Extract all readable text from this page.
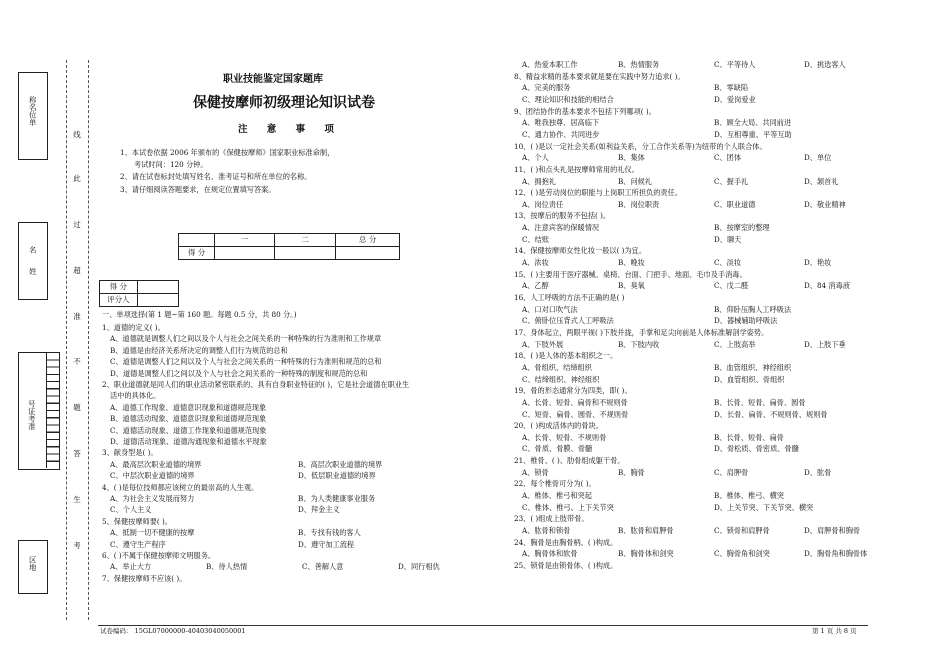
称名位单
名姓
号证考准
区地
线
此
过
超
准
不
题
答
生
考
职业技能鉴定国家题库
保健按摩师初级理论知识试卷
注 意 事 项
1、本试卷依据 2006 年颁布的《保健按摩师》国家职业标准命制，
考试时间：120 分钟。
2、请在试卷标封处填写姓名、准考证号和所在单位的名称。
3、请仔细阅读答题要求，在规定位置填写答案。
	一	二	总 分
得 分			
得 分	
评分人	
一、单项选择(第 1 题~第 160 题。每题 0.5 分，共 80 分。)
1、道德的定义( )。
A、道德就是调整人们之间以及个人与社会之间关系的一种特殊的行为准则和工作规章
B、道德是由经济关系所决定的调整人们行为规范的总和
C、道德是调整人们之间以及个人与社会之间关系的一种特殊的行为准则和规范的总和
D、道德是调整人们之间以及个人与社会之间关系的一种特殊的制度和规范的总和
2、职业道德就是同人们的职业活动紧密联系的、具有自身职业特征的( )，它是社会道德在职业生
活中的具体化。
A、道德工作现象、道德意识现象和道德规范现象
B、道德活动现象、道德意识现象和道德规范现象
C、道德活动现象、道德工作现象和道德规范现象
D、道德活动现象、道德沟通现象和道德水平现象
3、献身型是( )。
A、最高层次职业道德的境界	B、高层次职业道德的境界
C、中层次职业道德的境界	D、低层职业道德的境界
4、( )是每位技师都应该树立的最崇高的人生观。
A、为社会主义发展而努力	B、为人类健康事业服务
C、个人主义	D、拜金主义
5、保健按摩师要( )。
A、抵制一切不健康的按摩	B、专找有钱的客人
C、遵守生产程序	D、遵守加工流程
6、( )不属于保健按摩师文明服务。
A、举止大方	B、待人热情	C、善解人意	D、同行相仇
7、保健按摩师不应该( )。
A、热爱本职工作	B、热情服务	C、平等待人	D、挑选客人
8、精益求精的基本要求就是要在实践中努力追求( )。
A、完美的服务	B、零缺陷
C、理论知识和技能的相结合	D、爱岗爱业
9、团结协作的基本要求不包括下列哪项( )。
A、唯我独尊、居高临下	B、顾全大局、共同前进
C、通力协作、共同进步	D、互相尊重、平等互助
10、( )是以一定社会关系(如利益关系，分工合作关系等)为纽带的个人联合体。
A、个人	B、集体	C、团体	D、单位
11、( )和点头礼是按摩师常用的礼仪。
A、拥抱礼	B、问候礼	C、握手礼	D、颔首礼
12、( )是劳动岗位的职能与上岗职工所担负的责任。
A、岗位责任	B、岗位职责	C、职业道德	D、敬业精神
13、按摩后的服务不包括( )。
A、注意宾客的保暖情况	B、按摩室的整理
C、结账	D、聊天
14、保健按摩师女性化妆一般以( )为宜。
A、浓妆	B、晚妆	C、淡妆	D、艳妆
15、( )主要用于医疗器械、桌椅、台面、门把手、地面、毛巾及手消毒。
A、乙醇	B、臭氧	C、戊二醛	D、84 消毒液
16、人工呼吸的方法不正确的是( )
A、口对口吹气法	B、仰卧压胸人工呼吸法
C、俯卧位压背式人工呼吸法	D、器械辅助呼吸法
17、身体起立，两眼平视( )下肢并拢，手掌和足尖向前是人体标准解剖学姿势。
A、下肢外展	B、下肢内收	C、上肢高举	D、上肢下垂
18、( )是人体的基本组织之一。
A、骨组织、结缔组织	B、血管组织、神经组织
C、结缔组织、神经组织	D、血管组织、骨组织
19、骨的形态通常分为四类，即( )。
A、长骨、短骨、扁骨和不规则骨	B、长骨、短骨、扁骨、圆骨
C、短骨、扁骨、圆骨、不规则骨	D、长骨、扁骨、不规则骨、规则骨
20、( )构成活体内的骨块。
A、长骨、短骨、不规则骨	B、长骨、短骨、扁骨
C、骨质、骨膜、骨髓	D、骨松质、骨密质、骨髓
21、椎骨、( )、肋骨组成躯干骨。
A、锁骨	B、胸骨	C、肩胛骨	D、肱骨
22、每个椎骨可分为( )。
A、椎体、椎弓和突起	B、椎体、椎弓、横突
C、椎体、椎弓、上下关节突	D、上关节突、下关节突、横突
23、( )组成上肢带骨。
A、肱骨和锁骨	B、肱骨和肩胛骨	C、锁骨和肩胛骨	D、肩胛骨和胸骨
24、胸骨是由胸骨柄、( )构成。
A、胸骨体和软骨	B、胸骨体和剑突	C、胸骨角和剑突	D、胸骨角和胸骨体
25、锁骨是由锁骨体、( )构成。
试卷编码： 15GL07000000-40403040050001	第 1 页 共 8 页
